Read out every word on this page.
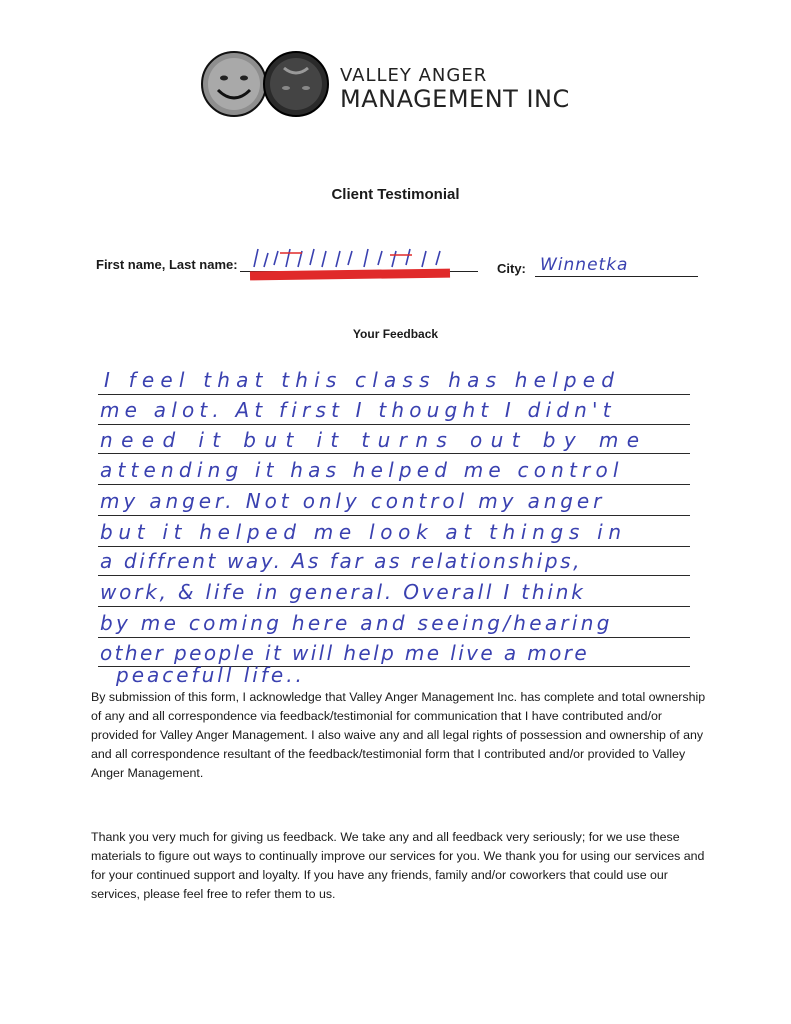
VALLEY ANGER
MANAGEMENT INC
Client Testimonial
First name, Last name:	City: Winnetka
Your Feedback
I feel that this class has helped
me alot. At first I thought I didn't
need it but it turns out by me
attending it has helped me control
my anger. Not only control my anger
but it helped me look at things in
a diffrent way. As far as relationships,
work, & life in general. Overall I think
by me coming here and seeing/hearing
other people it will help me live a more
peacefull life..
By submission of this form, I acknowledge that Valley Anger Management Inc. has complete and total ownership of any and all correspondence via feedback/testimonial for communication that I have contributed and/or provided for Valley Anger Management. I also waive any and all legal rights of possession and ownership of any and all correspondence resultant of the feedback/testimonial form that I contributed and/or provided to Valley Anger Management.
Thank you very much for giving us feedback. We take any and all feedback very seriously; for we use these materials to figure out ways to continually improve our services for you. We thank you for using our services and for your continued support and loyalty. If you have any friends, family and/or coworkers that could use our services, please feel free to refer them to us.
